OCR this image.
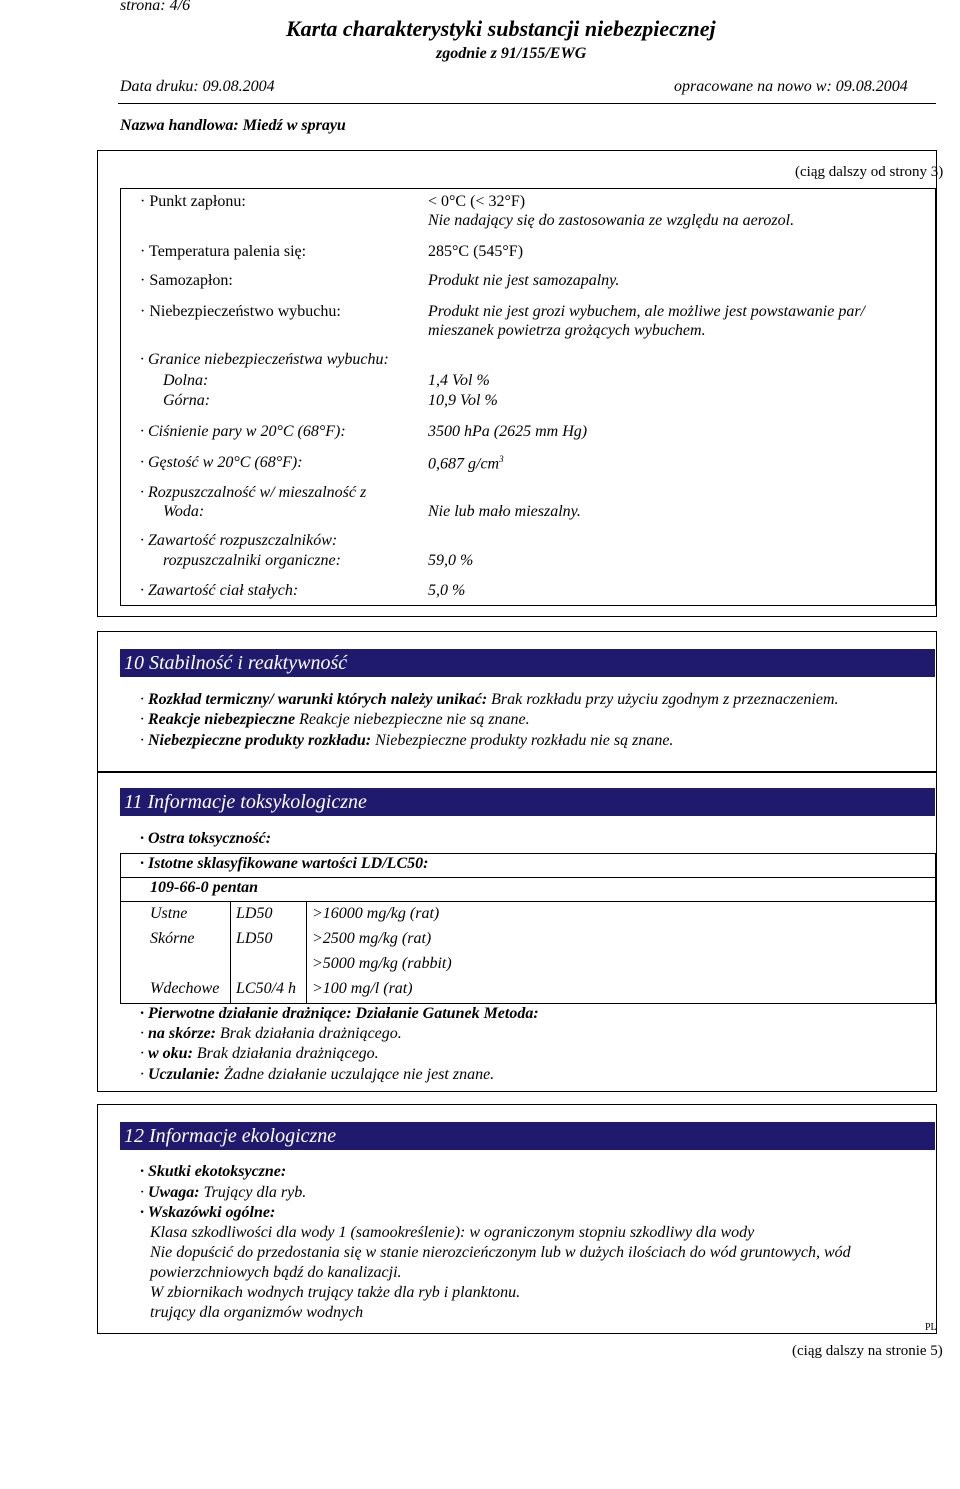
strona: 4/6
Karta charakterystyki substancji niebezpiecznej
zgodnie z 91/155/EWG
Data druku: 09.08.2004	opracowane na nowo w: 09.08.2004
Nazwa handlowa: Miedź w sprayu
(ciąg dalszy od strony 3)
· Punkt zapłonu:	< 0°C (< 32°F)
Nie nadający się do zastosowania ze względu na aerozol.
· Temperatura palenia się:	285°C (545°F)
· Samozapłon:	Produkt nie jest samozapalny.
· Niebezpieczeństwo wybuchu:	Produkt nie jest grozi wybuchem, ale możliwe jest powstawanie par/
mieszanek powietrza grożących wybuchem.
· Granice niebezpieczeństwa wybuchu:
Dolna:	1,4 Vol %
Górna:	10,9 Vol %
· Ciśnienie pary w 20°C (68°F):	3500 hPa (2625 mm Hg)
· Gęstość w 20°C (68°F):	0,687 $g/cm^3$
· Rozpuszczalność w/ mieszalność z
Woda:	Nie lub mało mieszalny.
· Zawartość rozpuszczalników:
rozpuszczalniki organiczne:	59,0 %
· Zawartość ciał stałych:	5,0 %
10 Stabilność i reaktywność
· Rozkład termiczny/ warunki których należy unikać: Brak rozkładu przy użyciu zgodnym z przeznaczeniem.
· Reakcje niebezpieczne Reakcje niebezpieczne nie są znane.
· Niebezpieczne produkty rozkładu: Niebezpieczne produkty rozkładu nie są znane.
11 Informacje toksykologiczne
· Ostra toksyczność:
· Istotne sklasyfikowane wartości LD/LC50:
109-66-0 pentan
Ustne	LD50 >16000 mg/kg (rat)
Skórne	LD50 >2500 mg/kg (rat)
>5000 mg/kg (rabbit)
Wdechowe LC50/4 h >100 mg/l (rat)
· Pierwotne działanie drażniące: Działanie Gatunek Metoda:
· na skórze: Brak działania drażniącego.
· w oku: Brak działania drażniącego.
· Uczulanie: Żadne działanie uczulające nie jest znane.
12 Informacje ekologiczne
· Skutki ekotoksyczne:
· Uwaga: Trujący dla ryb.
· Wskazówki ogólne:
Klasa szkodliwości dla wody 1 (samookreślenie): w ograniczonym stopniu szkodliwy dla wody
Nie dopuścić do przedostania się w stanie nierozcieńczonym lub w dużych ilościach do wód gruntowych, wód
powierzchniowych bądź do kanalizacji.
W zbiornikach wodnych trujący także dla ryb i planktonu.
trujący dla organizmów wodnych
PL
(ciąg dalszy na stronie 5)
